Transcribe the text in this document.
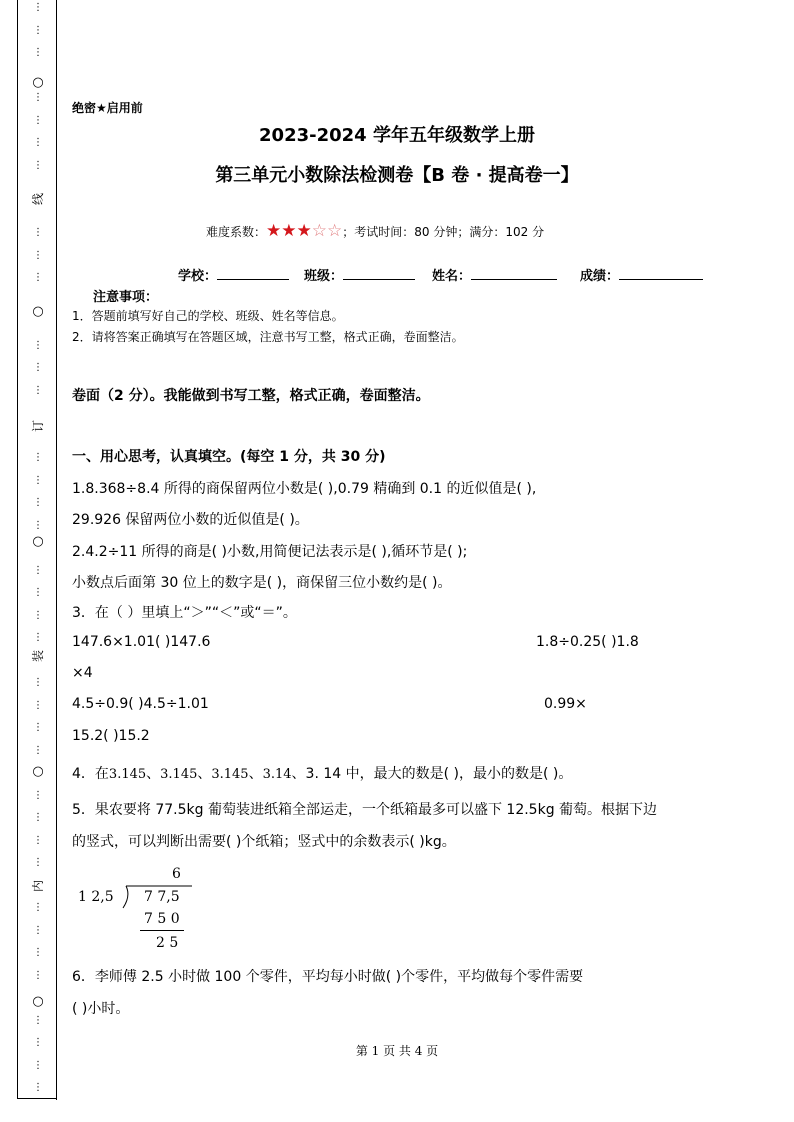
⋮
⋮
⋮
⋮
⋮
⋮
⋮
⋮
⋮
⋮
⋮
⋮
⋮
⋮
⋮
⋮
⋮
⋮
⋮
⋮
⋮
⋮
⋮
⋮
⋮
⋮
⋮
⋮
⋮
⋮
⋮
⋮
⋮
⋮
⋮
⋮
⋮
○
○
○
○
○
线
订
装
内
绝密★启用前
2023-2024 学年五年级数学上册
第三单元小数除法检测卷【B 卷 · 提高卷一】
难度系数：★★★☆☆；考试时间：80 分钟；满分：102 分
学校：	班级：	姓名：	成绩：
注意事项：
1．答题前填写好自己的学校、班级、姓名等信息。
2．请将答案正确填写在答题区域，注意书写工整，格式正确，卷面整洁。
卷面（2 分）。我能做到书写工整，格式正确，卷面整洁。
一、用心思考，认真填空。(每空 1 分，共 30 分)
1.8.368÷8.4 所得的商保留两位小数是( ),0.79 精确到 0.1 的近似值是( ),
29.926 保留两位小数的近似值是( )。
2.4.2÷11 所得的商是( )小数,用简便记法表示是( ),循环节是( );
小数点后面第 30 位上的数字是( )，商保留三位小数约是( )。
3．在（ ）里填上“＞”“＜”或“＝”。
147.6×1.01( )147.6	1.8÷0.25( )1.8
×4
4.5÷0.9( )4.5÷1.01	0.99×
15.2( )15.2
4．在3.145、3.145、3.145、3.14、3. 14 中，最大的数是( )，最小的数是( )。
5．果农要将 77.5kg 葡萄装进纸箱全部运走，一个纸箱最多可以盛下 12.5kg 葡萄。根据下边
的竖式，可以判断出需要( )个纸箱；竖式中的余数表示( )kg。
6
1 2,5 7 7,5
7 5 0
2 5
6．李师傅 2.5 小时做 100 个零件，平均每小时做( )个零件，平均做每个零件需要
( )小时。
第 1 页 共 4 页
